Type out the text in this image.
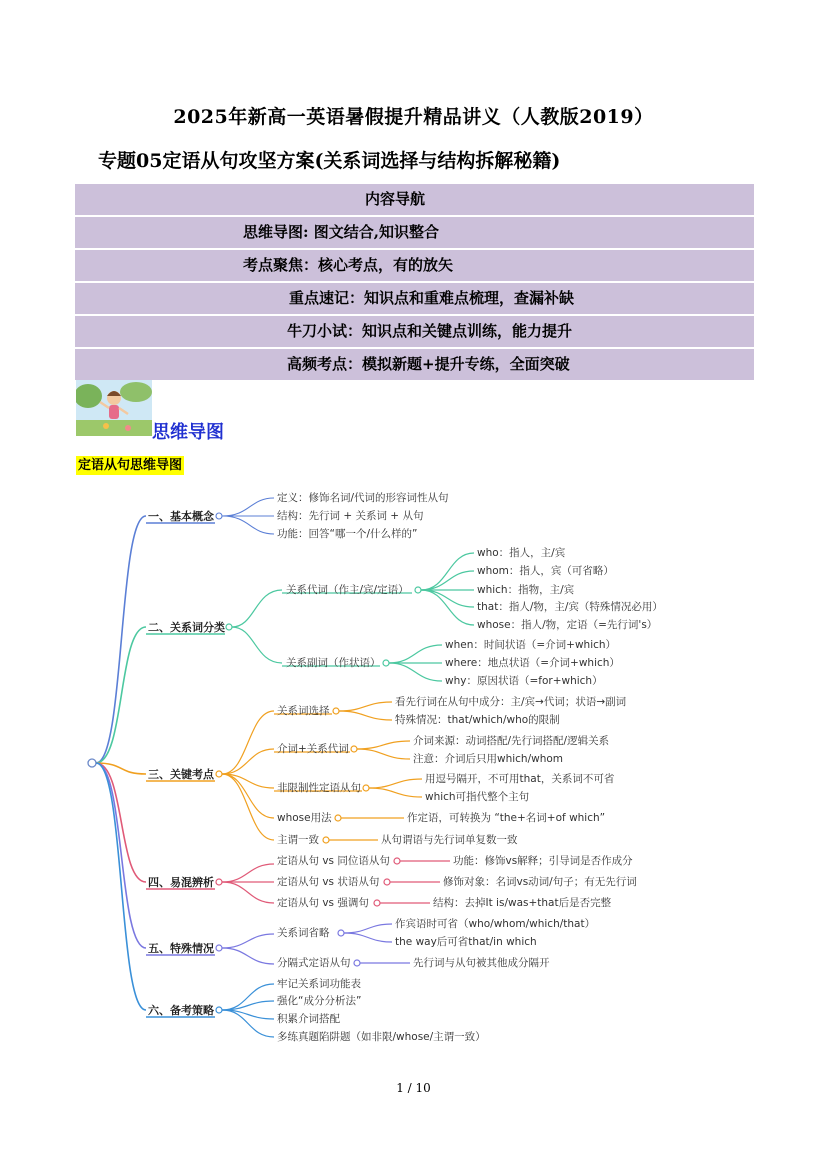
2025年新高一英语暑假提升精品讲义（人教版2019）
专题05定语从句攻坚方案(关系词选择与结构拆解秘籍)
内容导航
思维导图: 图文结合,知识整合
考点聚焦：核心考点，有的放矢
重点速记：知识点和重难点梳理，查漏补缺
牛刀小试：知识点和关键点训练，能力提升
高频考点：模拟新题+提升专练，全面突破
思维导图
定语从句思维导图
一、基本概念
二、关系词分类
三、关键考点
四、易混辨析
五、特殊情况
六、备考策略
定义：修饰名词/代词的形容词性从句
结构：先行词 + 关系词 + 从句
功能：回答“哪一个/什么样的”
关系代词（作主/宾/定语）
关系副词（作状语）
who：指人，主/宾
whom：指人，宾（可省略）
which：指物，主/宾
that：指人/物，主/宾（特殊情况必用）
whose：指人/物，定语（=先行词's）
when：时间状语（=介词+which）
where：地点状语（=介词+which）
why：原因状语（=for+which）
关系词选择
介词+关系代词
非限制性定语从句
whose用法
主谓一致
看先行词在从句中成分：主/宾→代词；状语→副词
特殊情况：that/which/who的限制
介词来源：动词搭配/先行词搭配/逻辑关系
注意：介词后只用which/whom
用逗号隔开，不可用that，关系词不可省
which可指代整个主句
作定语，可转换为 “the+名词+of which”
从句谓语与先行词单复数一致
定语从句 vs 同位语从句
定语从句 vs 状语从句
定语从句 vs 强调句
功能：修饰vs解释；引导词是否作成分
修饰对象：名词vs动词/句子；有无先行词
结构：去掉It is/was+that后是否完整
关系词省略
分隔式定语从句
作宾语时可省（who/whom/which/that）
the way后可省that/in which
先行词与从句被其他成分隔开
牢记关系词功能表
强化“成分分析法”
积累介词搭配
多练真题陷阱题（如非限/whose/主谓一致）
1 / 10
